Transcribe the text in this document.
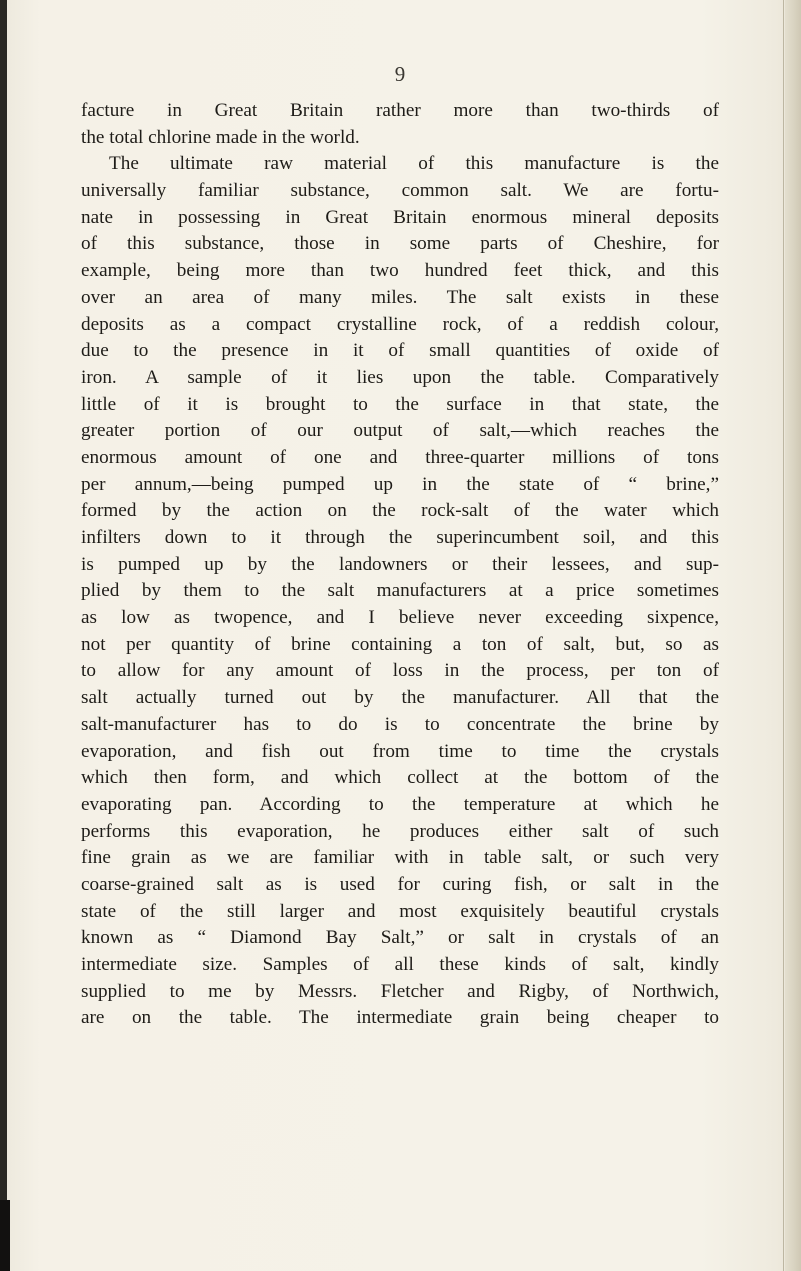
9
facture in Great Britain rather more than two-thirds of
the total chlorine made in the world.
The ultimate raw material of this manufacture is the
universally familiar substance, common salt. We are fortu-
nate in possessing in Great Britain enormous mineral deposits
of this substance, those in some parts of Cheshire, for
example, being more than two hundred feet thick, and this
over an area of many miles. The salt exists in these
deposits as a compact crystalline rock, of a reddish colour,
due to the presence in it of small quantities of oxide of
iron. A sample of it lies upon the table. Comparatively
little of it is brought to the surface in that state, the
greater portion of our output of salt,—which reaches the
enormous amount of one and three-quarter millions of tons
per annum,—being pumped up in the state of “ brine,”
formed by the action on the rock-salt of the water which
infilters down to it through the superincumbent soil, and this
is pumped up by the landowners or their lessees, and sup-
plied by them to the salt manufacturers at a price sometimes
as low as twopence, and I believe never exceeding sixpence,
not per quantity of brine containing a ton of salt, but, so as
to allow for any amount of loss in the process, per ton of
salt actually turned out by the manufacturer. All that the
salt-manufacturer has to do is to concentrate the brine by
evaporation, and fish out from time to time the crystals
which then form, and which collect at the bottom of the
evaporating pan. According to the temperature at which he
performs this evaporation, he produces either salt of such
fine grain as we are familiar with in table salt, or such very
coarse-grained salt as is used for curing fish, or salt in the
state of the still larger and most exquisitely beautiful crystals
known as “ Diamond Bay Salt,” or salt in crystals of an
intermediate size. Samples of all these kinds of salt, kindly
supplied to me by Messrs. Fletcher and Rigby, of Northwich,
are on the table. The intermediate grain being cheaper to
